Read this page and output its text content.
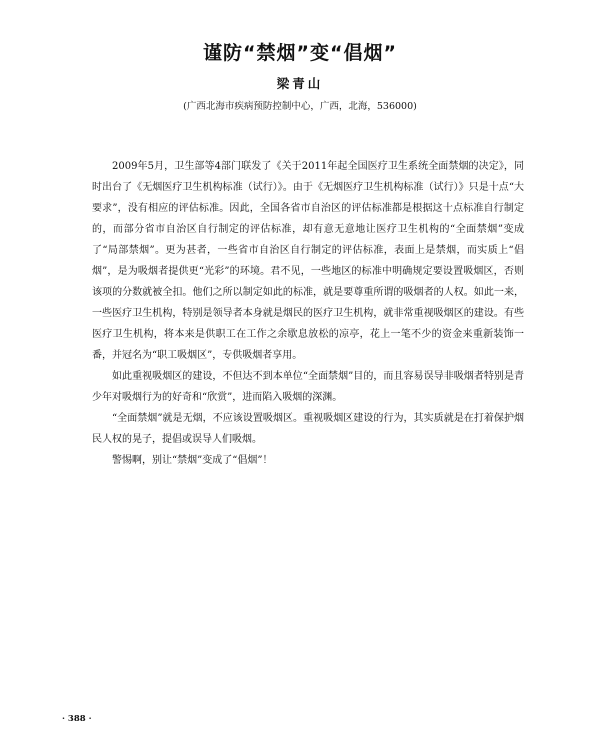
谨防“禁烟”变“倡烟”

梁青山

(广西北海市疾病预防控制中心，广西，北海，536000)

2009年5月，卫生部等4部门联发了《关于2011年起全国医疗卫生系统全面禁烟的决定》，同时出台了《无烟医疗卫生机构标准（试行）》。由于《无烟医疗卫生机构标准（试行）》只是十点“大要求”，没有相应的评估标准。因此，全国各省市自治区的评估标准都是根据这十点标准自行制定的，而部分省市自治区自行制定的评估标准，却有意无意地让医疗卫生机构的“全面禁烟”变成了“局部禁烟”。更为甚者，一些省市自治区自行制定的评估标准，表面上是禁烟，而实质上“倡烟”，是为吸烟者提供更“光彩”的环境。君不见，一些地区的标准中明确规定要设置吸烟区，否则该项的分数就被全扣。他们之所以制定如此的标准，就是要尊重所谓的吸烟者的人权。如此一来，一些医疗卫生机构，特别是领导者本身就是烟民的医疗卫生机构，就非常重视吸烟区的建设。有些医疗卫生机构，将本来是供职工在工作之余歇息放松的凉亭，花上一笔不少的资金来重新装饰一番，并冠名为“职工吸烟区”，专供吸烟者享用。

如此重视吸烟区的建设，不但达不到本单位“全面禁烟”目的，而且容易误导非吸烟者特别是青少年对吸烟行为的好奇和“欣赏”，进而陷入吸烟的深渊。

“全面禁烟”就是无烟，不应该设置吸烟区。重视吸烟区建设的行为，其实质就是在打着保护烟民人权的晃子，提倡或误导人们吸烟。

警惕啊，别让“禁烟”变成了“倡烟”！

· 388 ·
